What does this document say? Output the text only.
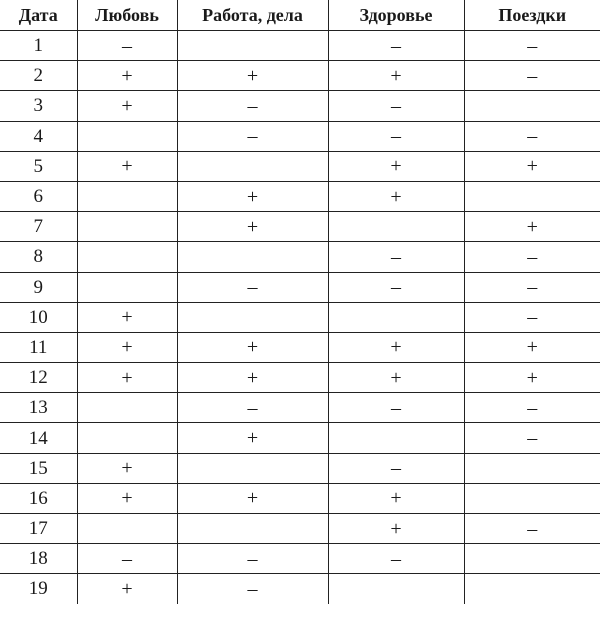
Дата	Любовь	Работа, дела	Здоровье	Поездки
1	–		–	–
2	+	+	+	–
3	+	–	–	
4		–	–	–
5	+		+	+
6		+	+	
7		+		+
8			–	–
9		–	–	–
10	+			–
11	+	+	+	+
12	+	+	+	+
13		–	–	–
14		+		–
15	+		–	
16	+	+	+	
17			+	–
18	–	–	–	
19	+	–		
